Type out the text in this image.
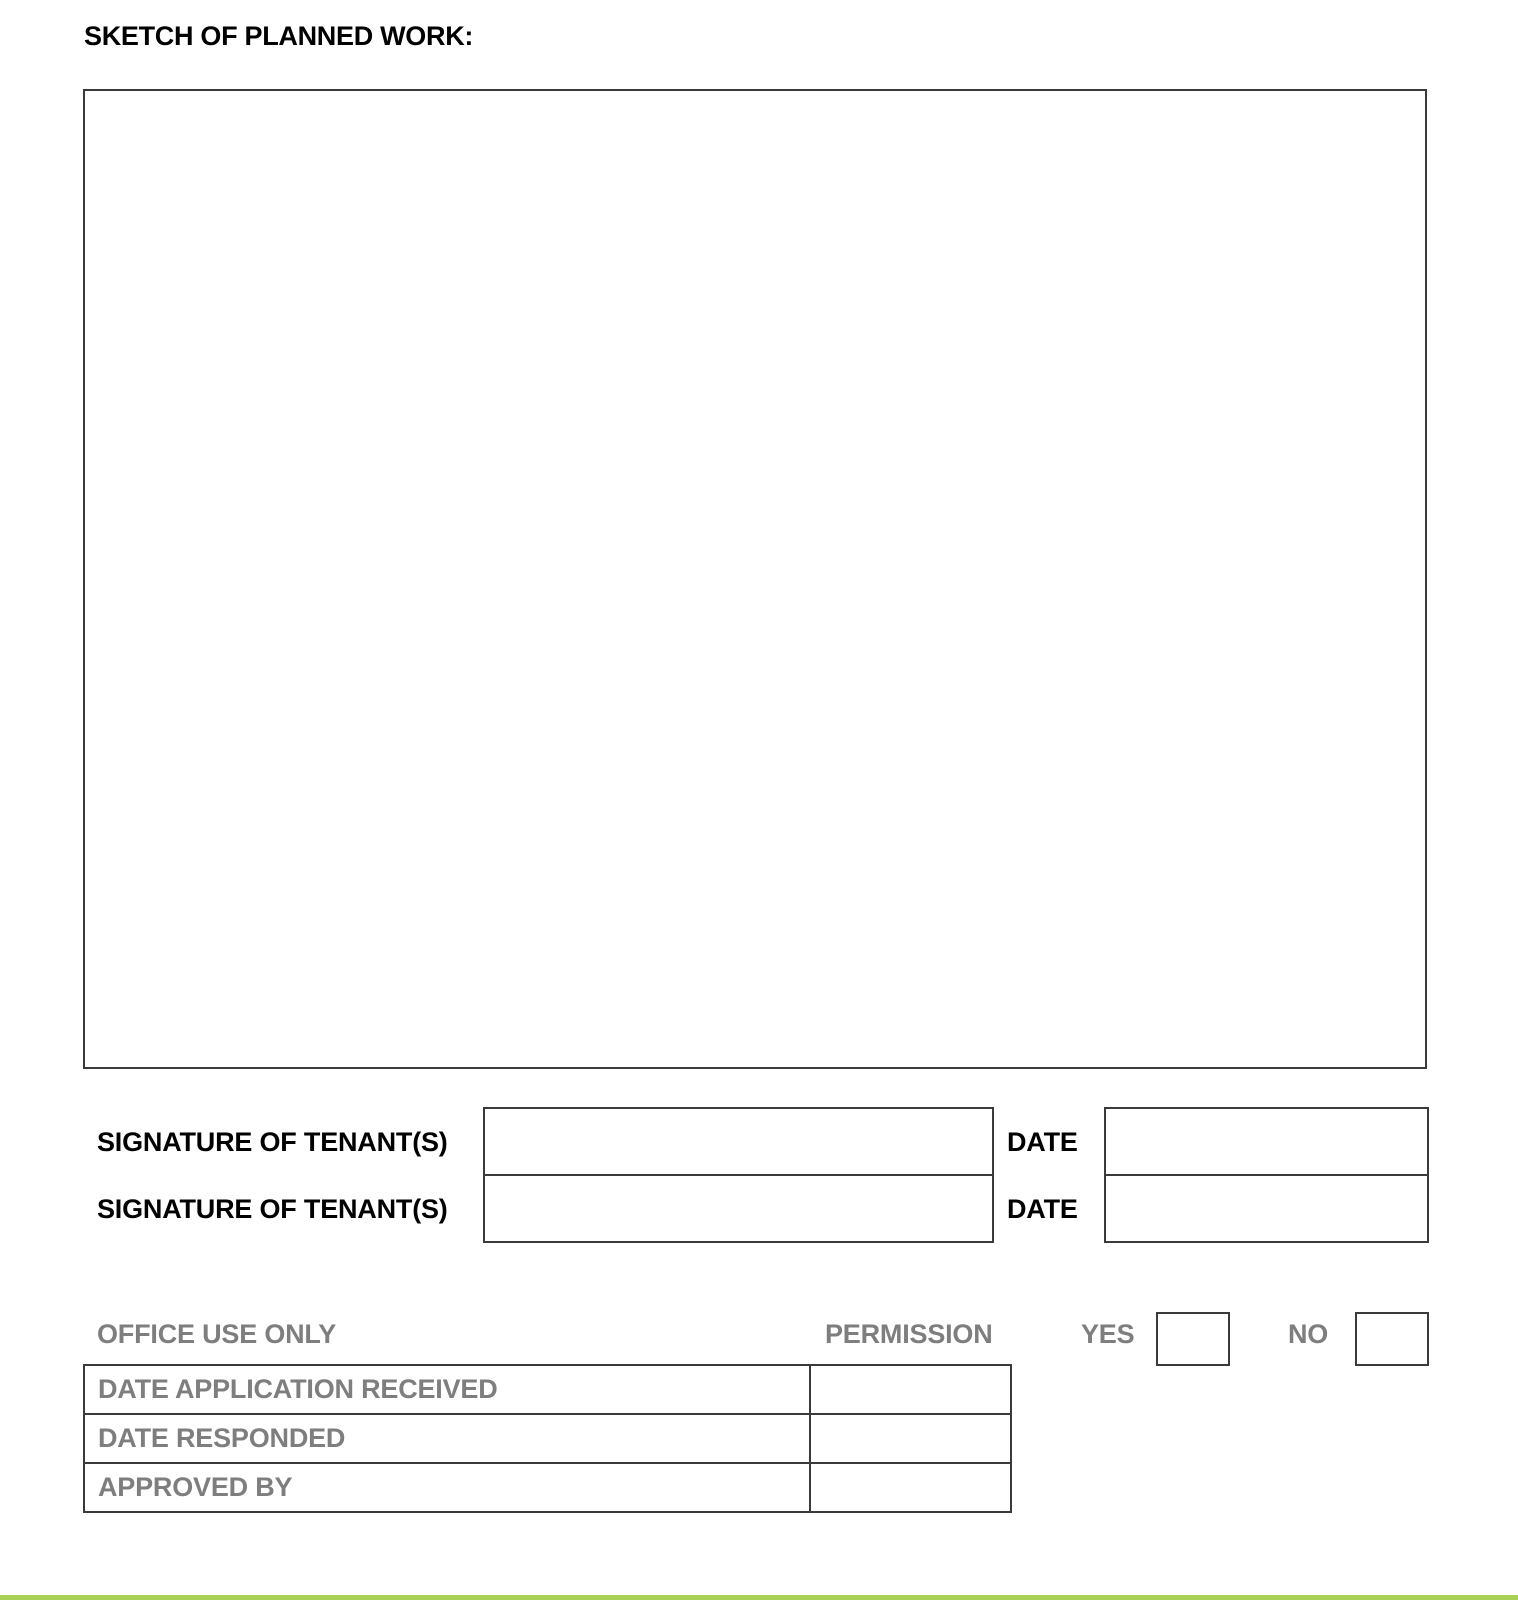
SKETCH OF PLANNED WORK:
SIGNATURE OF TENANT(S)	DATE
SIGNATURE OF TENANT(S)	DATE
OFFICE USE ONLY	PERMISSION	YES	NO
DATE APPLICATION RECEIVED	
DATE RESPONDED	
APPROVED BY	
